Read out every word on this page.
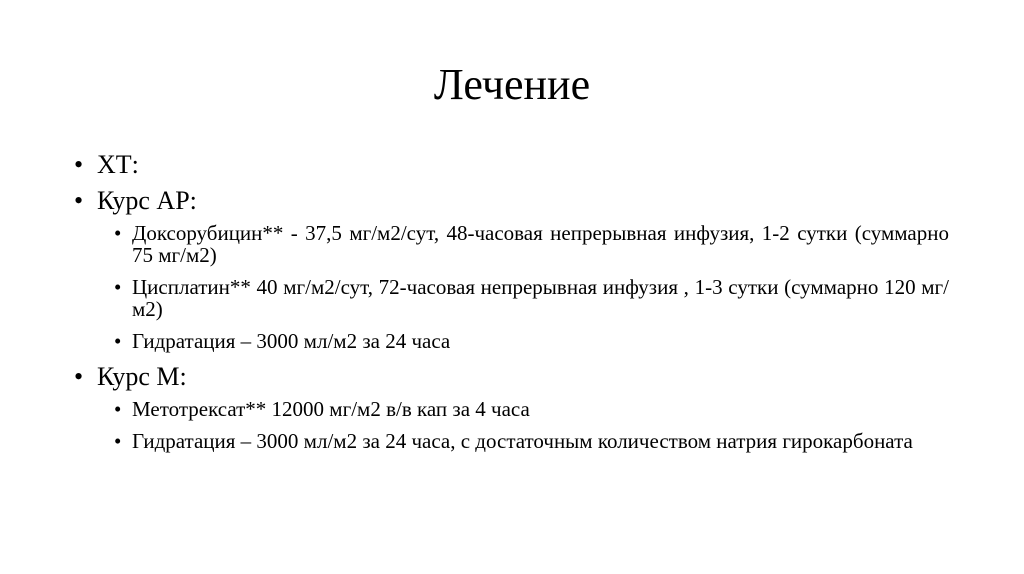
Лечение
• ХТ:
• Курс AP:
• Доксорубицин** - 37,5 мг/м2/сут, 48-часовая непрерывная инфузия, 1-2 сутки (суммарно 75 мг/м2)
• Цисплатин** 40 мг/м2/сут, 72-часовая непрерывная инфузия , 1-3 сутки (суммарно 120 мг/м2)
• Гидратация – 3000 мл/м2 за 24 часа
• Курс M:
• Метотрексат** 12000 мг/м2 в/в кап за 4 часа
• Гидратация – 3000 мл/м2 за 24 часа, с достаточным количеством натрия гирокарбоната
